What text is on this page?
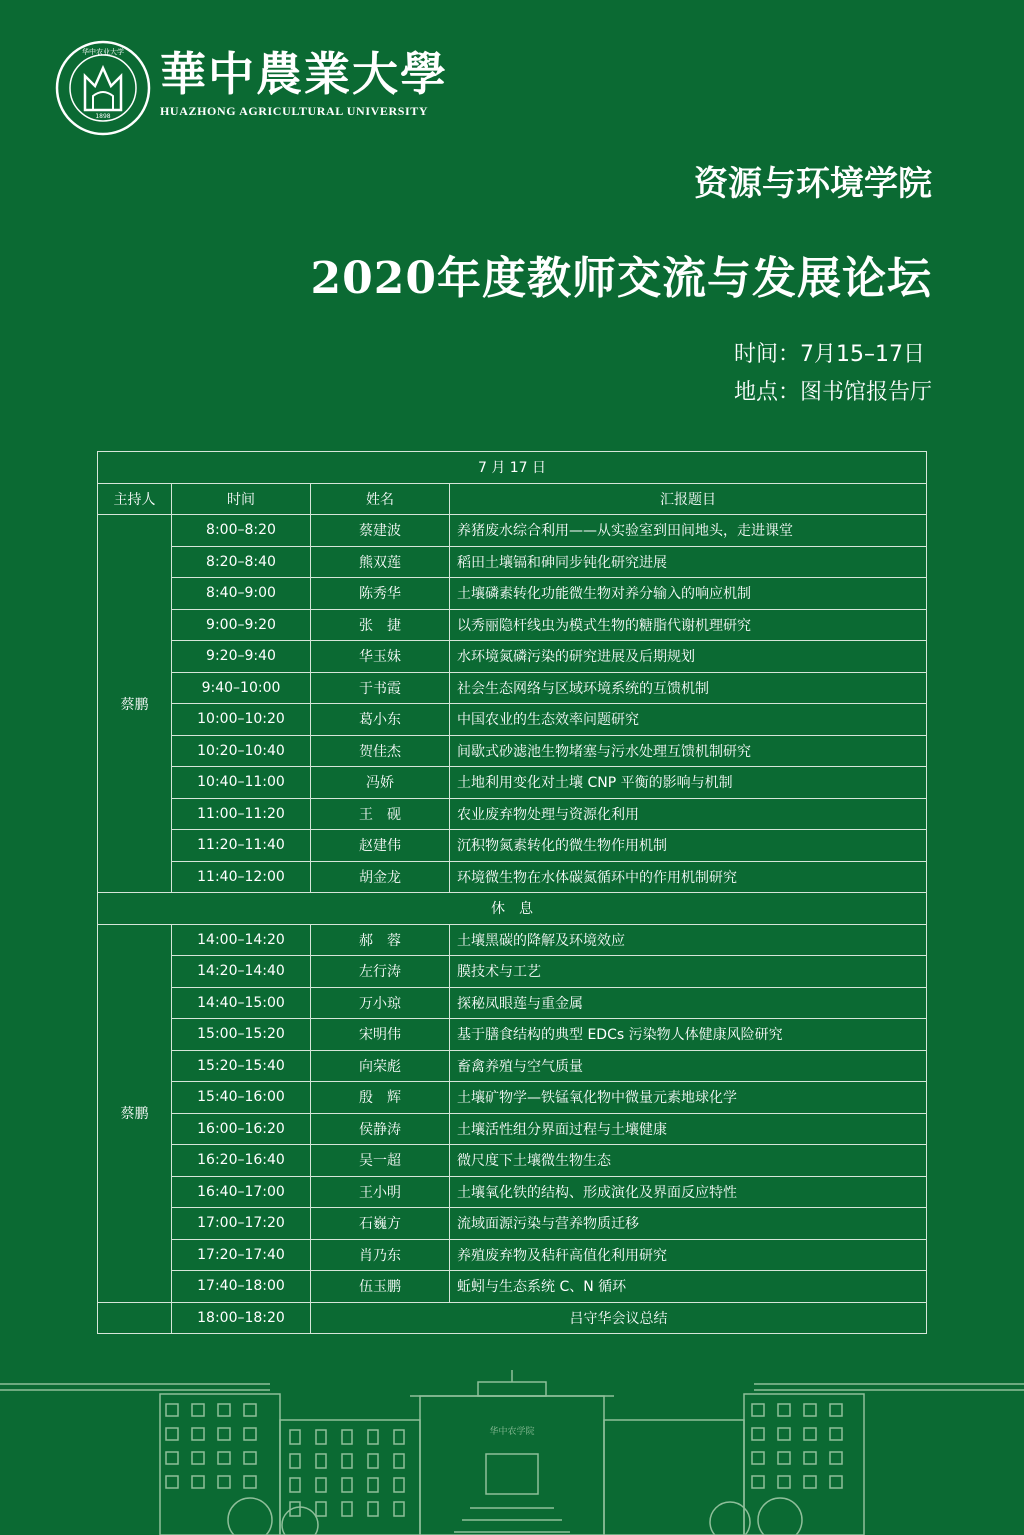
华中农业大学
1898
華中農業大學
HUAZHONG AGRICULTURAL UNIVERSITY
资源与环境学院
2020年度教师交流与发展论坛
时间：7月15–17日
地点：图书馆报告厅
7 月 17 日			
主持人	时间	姓名	汇报题目
蔡鹏	8:00–8:20	蔡建波	养猪废水综合利用——从实验室到田间地头，走进课堂
	8:20–8:40	熊双莲	稻田土壤镉和砷同步钝化研究进展
	8:40–9:00	陈秀华	土壤磷素转化功能微生物对养分输入的响应机制
	9:00–9:20	张　捷	以秀丽隐杆线虫为模式生物的糖脂代谢机理研究
	9:20–9:40	华玉妹	水环境氮磷污染的研究进展及后期规划
	9:40–10:00	于书霞	社会生态网络与区域环境系统的互馈机制
	10:00–10:20	葛小东	中国农业的生态效率问题研究
	10:20–10:40	贺佳杰	间歇式砂滤池生物堵塞与污水处理互馈机制研究
	10:40–11:00	冯娇	土地利用变化对土壤 CNP 平衡的影响与机制
	11:00–11:20	王　砚	农业废弃物处理与资源化利用
	11:20–11:40	赵建伟	沉积物氮素转化的微生物作用机制
	11:40–12:00	胡金龙	环境微生物在水体碳氮循环中的作用机制研究
休　息			
蔡鹏	14:00–14:20	郝　蓉	土壤黑碳的降解及环境效应
	14:20–14:40	左行涛	膜技术与工艺
	14:40–15:00	万小琼	探秘凤眼莲与重金属
	15:00–15:20	宋明伟	基于膳食结构的典型 EDCs 污染物人体健康风险研究
	15:20–15:40	向荣彪	畜禽养殖与空气质量
	15:40–16:00	殷　辉	土壤矿物学—铁锰氧化物中微量元素地球化学
	16:00–16:20	侯静涛	土壤活性组分界面过程与土壤健康
	16:20–16:40	吴一超	微尺度下土壤微生物生态
	16:40–17:00	王小明	土壤氧化铁的结构、形成演化及界面反应特性
	17:00–17:20	石巍方	流域面源污染与营养物质迁移
	17:20–17:40	肖乃东	养殖废弃物及秸秆高值化利用研究
	17:40–18:00	伍玉鹏	蚯蚓与生态系统 C、N 循环
	18:00–18:20	吕守华会议总结	
华中农学院
